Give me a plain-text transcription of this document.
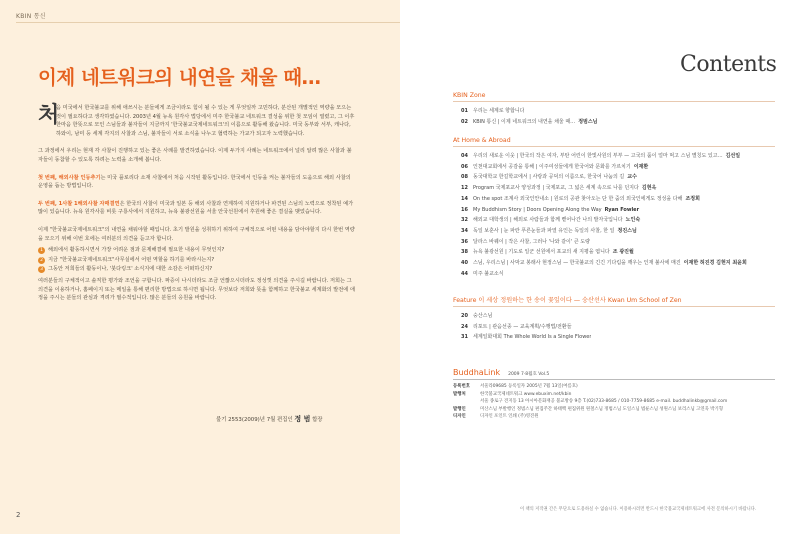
KBIN 통신
이제 네트워크의 내연을 채울 때…
처
음 미국에서 한국불교를 위해 애쓰시는 분들에게 조금이라도 힘이 될 수 있는 게 무엇일까 고민하다, 분산된 개별적인 역량을 모으는 것이 필요하다고 생각하였습니다. 2003년 4월 뉴욕 원각사 법당에서 미주 한국불교 네트워크 결성을 위한 첫 모임이 열렸고, 그 이후 한마음 한뜻으로 모인 스님들과 불자들이 지금까지 '한국불교국제네트워크'의 이름으로 활동해 왔습니다. 미국 동부와 서부, 캐나다, 하와이, 남미 등 세계 각지의 사찰과 스님, 불자들이 서로 소식을 나누고 협력하는 가교가 되고자 노력했습니다.
그 과정에서 우리는 현재 각 사찰이 진행하고 있는 좋은 사례를 발견하였습니다. 이제 두가지 사례는 네트워크에서 널리 알려 많은 사찰과 불자들이 동참할 수 있도록 하려는 노력을 소개해 봅니다.
첫 번째, 해외사찰 인등추기는 미국 플로리다 소재 사찰에서 처음 시작된 활동입니다. 한국에서 인등을 켜는 불자들의 도움으로 해외 사찰의 운영을 돕는 방법입니다.
두 번째, 1사찰 1해외사찰 자매결연은 한국의 사찰이 미국과 일본 등 해외 사찰과 연계하여 지원하거나 파견된 스님의 노력으로 정착된 예가 많이 있습니다. 뉴욕 원각사를 비롯 구룡사에서 지원하고, 뉴욕 불광선원을 서울 안국선원에서 후원해 좋은 결실을 맺었습니다.
이제 "한국불교국제네트워크"의 내연을 채워야할 때입니다. 초기 발원을 성취하기 위하여 구체적으로 어떤 내용을 담아야할지 다시 한번 역량을 모으기 위해 이번 호에는 여러분의 의견을 듣고자 합니다.
1 해외에서 활동하시면서 가장 어려운 점과 문제해결에 필요한 내용이 무엇인지?
2 지금 "한국불교국제네트워크"사무실에서 어떤 역할을 하기를 바라시는지?
3 그동안 저희들의 활동이나, '붓다링크' 소식지에 대한 소감은 어떠하신지?
여러분들의 구체적이고 솔직한 평가와 조언을 구합니다. 짜증이 나시더라도 조금 언짢으시더라도 정성껏 의견을 주시길 바랍니다. 저희는 그 의견을 이용하거나, 홈페이지 또는 메일을 통해 편리한 방법으로 하시면 됩니다. 무엇보다 저희와 뜻을 함께하고 한국불교 세계화의 발전에 애정을 주시는 분들의 관심과 격려가 필수적입니다. 많은 분들의 응원을 바랍니다.
불기 2553(2009)년 7월 편집인 정 범 합장
2
Contents
KBIN Zone
01 우리는 세계로 향합니다
02 KBIN 통신 | 이제 네트워크의 내연을 채울 때… 정범스님
At Home & Abroad
04 우리의 새로운 이웃 | 한국의 작은 여자, 부탄 어린이 한빛사원의 부부 — 고국의 품이 얼마 먹고 스님 별칭도 있고… 김선일
06 인천대교회에서 공감을 통해 | 이주여성들에게 한국어와 문화를 가르치기 이재환
08 동국대학교 한길학교에서 | 사랑과 공덕의 이름으로, 한국어 나눔의 길 교수
12 Program 국제포교사 양성과정 | 국제포교, 그 넓은 세계 속으로 나를 던지다 김현옥
14 On the spot 조계사 외국인안내소 | 원로의 공관 찾아오는 단 한 줌의 외국인에게도 정성을 다해 조정희
16 My Buddhism Story | Doors Opening Along the Way Ryan Fowler
32 해외교 대학생의 | 해외로 사람들과 함께 뻗어나간 나의 발자국입니다 노인숙
34 독일 보훈사 | 눈 파란 푸른눈들과 파열 유인는 독일의 사찰, 한 일 정진스님
36 달라스 바퀘이 | 작은 사찰, 그러나 '나와 같이' 큰 도량
38 뉴욕 불광선원 | 기도로 일군 선원에서 포교의 새 지평을 엽니다 조 광진월
40 스님, 우리스님 | 사막교 봉래사 현정스님 — 한국불교의 긴긴 기다림을 깨우는 인재 불사에 매진 이재한 허진경 김현지 최윤희
44 미주 불교소식
Feature 이 세상 정원하는 한 송이 꽃잎이다 — 숭산선사 Kwan Um School of Zen
20 숭산스님
24 리포트 | 관음선종 — 교육계획/수행법/전환들
31 세계일화대회 The Whole World Is a Single Flower
BuddhaLink 2009 7·8월호 Vol.5
등록번호	서울라09685 등록일자 2005년 7월 13일(여름호)
발행처	한국불교국제네트워크 www.ebuxim.net/kbin
서울 종로구 견지동 13 아시아문화재공 불교방송 9층 T.(02)733-8685 / 010-7759-8685 e-mail. buddhalinkb@gmail.com
발행인	미산스님 부발행인 정범스님 편집주간 하태백 편집위원 원철스님 정범스님 도일스님 법륜스님 성원스님 보리스님 고연욱 박기형
디자인	디자인 포인트 인쇄 (주)영진원
이 책의 저작권 간은 무단으로 도용하실 수 없습니다. 이용하시려면 반드시 한국불교국제네트워크에 사전 문의하시기 바랍니다.
